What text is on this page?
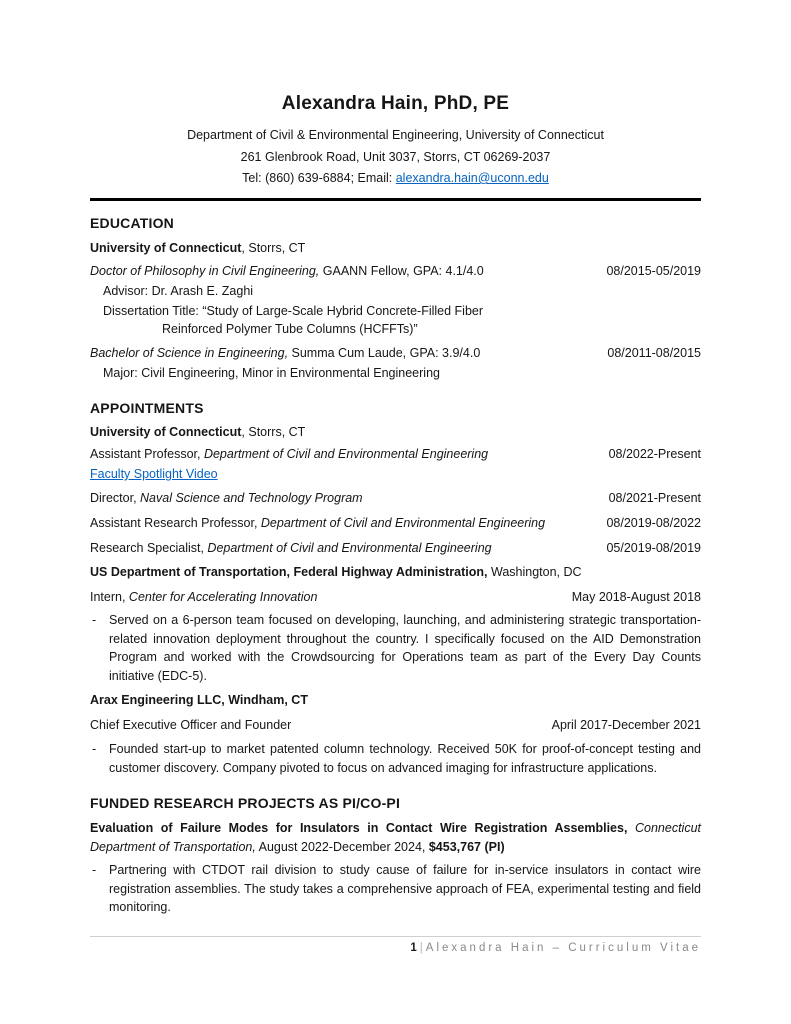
Alexandra Hain, PhD, PE
Department of Civil & Environmental Engineering, University of Connecticut
261 Glenbrook Road, Unit 3037, Storrs, CT 06269-2037
Tel: (860) 639-6884; Email: alexandra.hain@uconn.edu
EDUCATION
University of Connecticut, Storrs, CT
Doctor of Philosophy in Civil Engineering, GAANN Fellow, GPA: 4.1/4.0	08/2015-05/2019
Advisor: Dr. Arash E. Zaghi
Dissertation Title: “Study of Large-Scale Hybrid Concrete-Filled Fiber
Reinforced Polymer Tube Columns (HCFFTs)”
Bachelor of Science in Engineering, Summa Cum Laude, GPA: 3.9/4.0	08/2011-08/2015
Major: Civil Engineering, Minor in Environmental Engineering
APPOINTMENTS
University of Connecticut, Storrs, CT
Assistant Professor, Department of Civil and Environmental Engineering	08/2022-Present
Faculty Spotlight Video
Director, Naval Science and Technology Program	08/2021-Present
Assistant Research Professor, Department of Civil and Environmental Engineering	08/2019-08/2022
Research Specialist, Department of Civil and Environmental Engineering	05/2019-08/2019
US Department of Transportation, Federal Highway Administration, Washington, DC
Intern, Center for Accelerating Innovation	May 2018-August 2018
-	Served on a 6-person team focused on developing, launching, and administering strategic transportation-related innovation deployment throughout the country. I specifically focused on the AID Demonstration Program and worked with the Crowdsourcing for Operations team as part of the Every Day Counts initiative (EDC-5).
Arax Engineering LLC, Windham, CT
Chief Executive Officer and Founder	April 2017-December 2021
-	Founded start-up to market patented column technology. Received 50K for proof-of-concept testing and customer discovery. Company pivoted to focus on advanced imaging for infrastructure applications.
FUNDED RESEARCH PROJECTS AS PI/CO-PI

Evaluation of Failure Modes for Insulators in Contact Wire Registration Assemblies, Connecticut Department of Transportation, August 2022-December 2024, $453,767 (PI)

-	Partnering with CTDOT rail division to study cause of failure for in-service insulators in contact wire registration assemblies. The study takes a comprehensive approach of FEA, experimental testing and field monitoring.
1|Alexandra Hain – Curriculum Vitae
